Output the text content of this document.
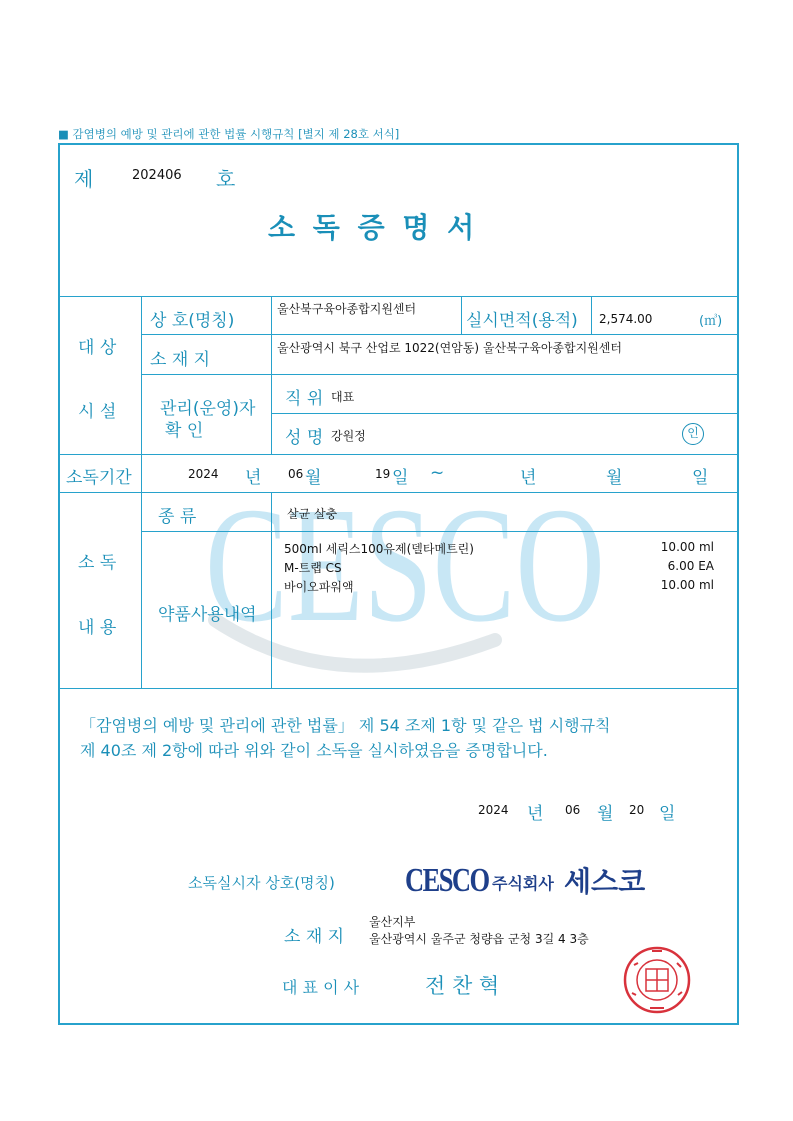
■ 감염병의 예방 및 관리에 관한 법률 시행규칙 [별지 제 28호 서식]
CESCO
제	202406 호
소 독 증 명 서
대 상
시 설
상 호(명칭)
울산북구육아종합지원센터
실시면적(용적) 2,574.00	(㎥)
소 재 지
울산광역시 북구 산업로 1022(연암동) 울산북구육아종합지원센터
관리(운영)자
확 인
직 위 대표
성 명 강원정	인
소독기간	2024 년 06 월	19 일 ~	년	월	일
소 독
내 용
종 류	살균 살충
약품사용내역
500ml 세릭스100유제(델타메트린)	10.00 ml
M-트랩 CS	6.00 EA
바이오파워액	10.00 ml
「감염병의 예방 및 관리에 관한 법률」 제 54 조제 1항 및 같은 법 시행규칙
제 40조 제 2항에 따라 위와 같이 소독을 실시하였음을 증명합니다.
2024 년 06 월 20 일
소독실시자 상호(명칭) CESCO 주식회사 세스코
소 재 지
울산지부
울산광역시 울주군 청량읍 군청 3길 4 3층
대 표 이 사	전 찬 혁
